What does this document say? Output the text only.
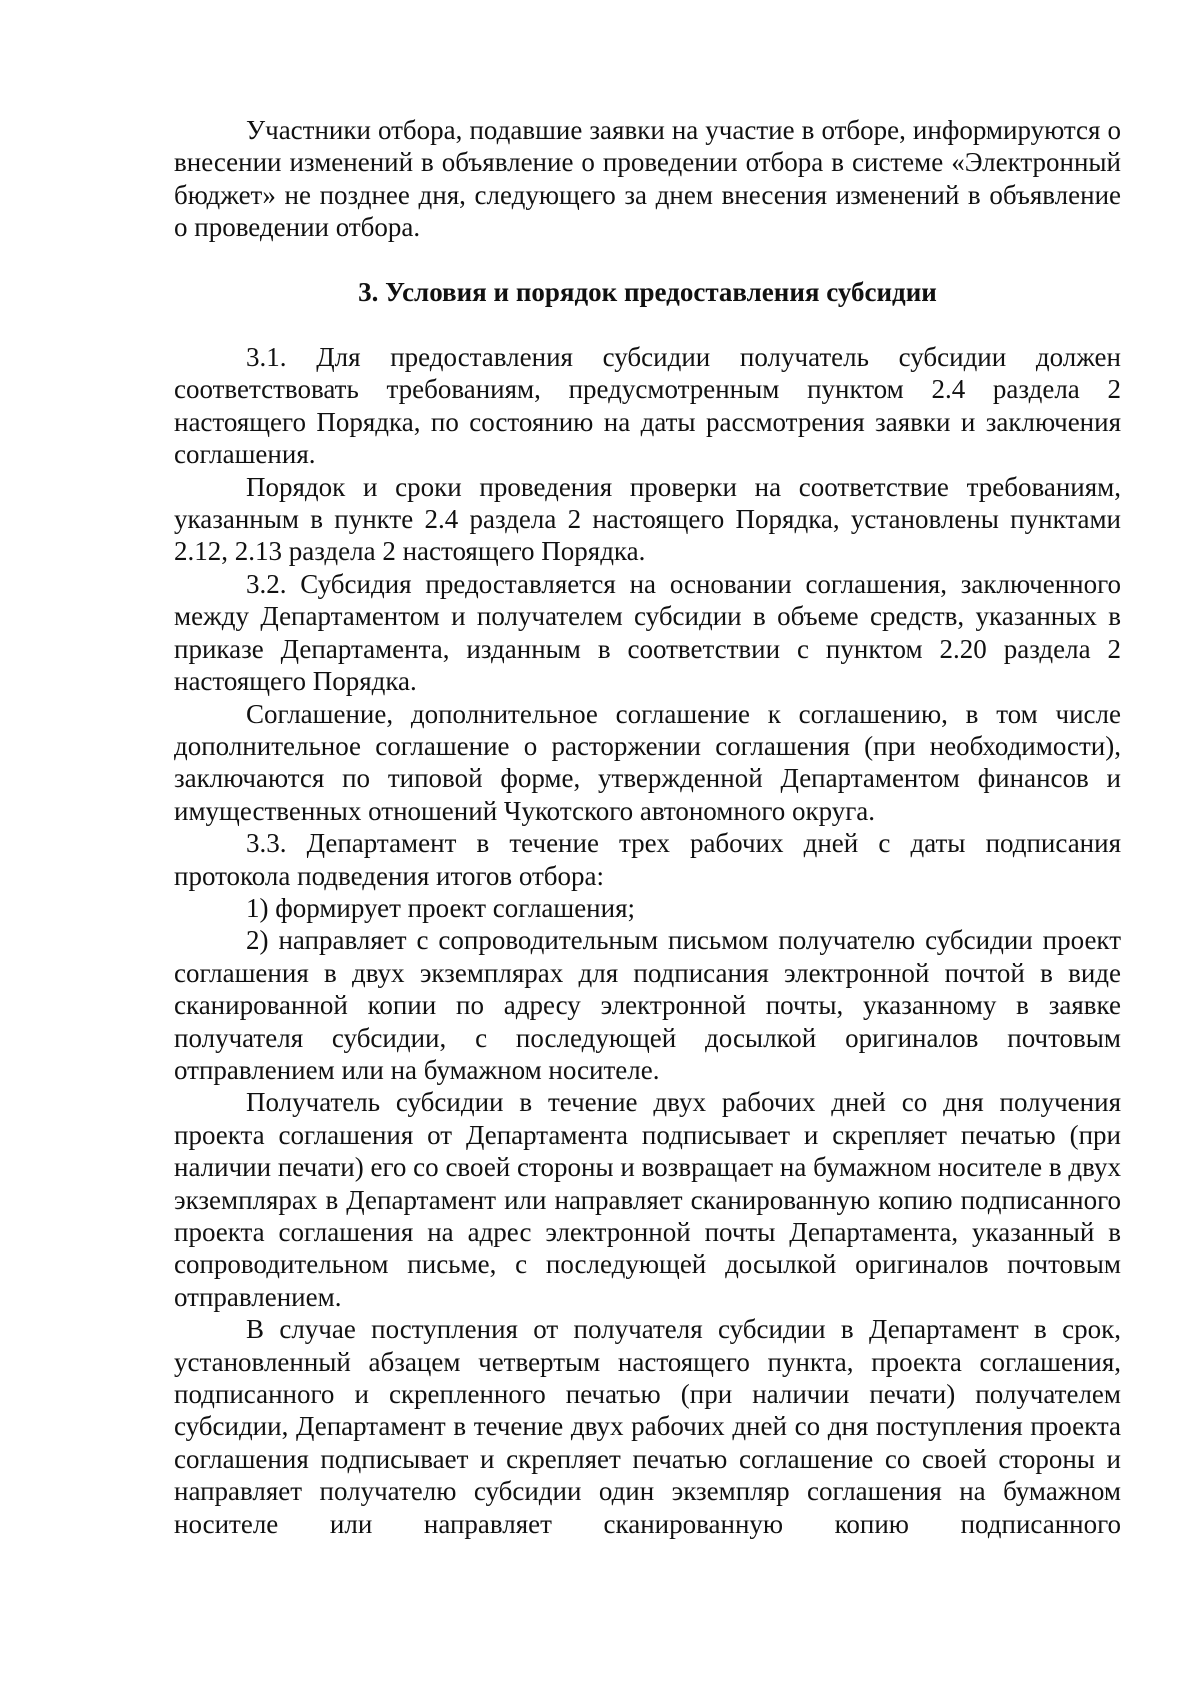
Участники отбора, подавшие заявки на участие в отборе, информируются о внесении изменений в объявление о проведении отбора в системе «Электронный бюджет» не позднее дня, следующего за днем внесения изменений в объявление о проведении отбора.

3. Условия и порядок предоставления субсидии

3.1. Для предоставления субсидии получатель субсидии должен соответствовать требованиям, предусмотренным пунктом 2.4 раздела 2 настоящего Порядка, по состоянию на даты рассмотрения заявки и заключения соглашения.

Порядок и сроки проведения проверки на соответствие требованиям, указанным в пункте 2.4 раздела 2 настоящего Порядка, установлены пунктами 2.12, 2.13 раздела 2 настоящего Порядка.

3.2. Субсидия предоставляется на основании соглашения, заключенного между Департаментом и получателем субсидии в объеме средств, указанных в приказе Департамента, изданным в соответствии с пунктом 2.20 раздела 2 настоящего Порядка.

Соглашение, дополнительное соглашение к соглашению, в том числе дополнительное соглашение о расторжении соглашения (при необходимости), заключаются по типовой форме, утвержденной Департаментом финансов и имущественных отношений Чукотского автономного округа.

3.3. Департамент в течение трех рабочих дней с даты подписания протокола подведения итогов отбора:

1) формирует проект соглашения;

2) направляет с сопроводительным письмом получателю субсидии проект соглашения в двух экземплярах для подписания электронной почтой в виде сканированной копии по адресу электронной почты, указанному в заявке получателя субсидии, с последующей досылкой оригиналов почтовым отправлением или на бумажном носителе.

Получатель субсидии в течение двух рабочих дней со дня получения проекта соглашения от Департамента подписывает и скрепляет печатью (при наличии печати) его со своей стороны и возвращает на бумажном носителе в двух экземплярах в Департамент или направляет сканированную копию подписанного проекта соглашения на адрес электронной почты Департамента, указанный в сопроводительном письме, с последующей досылкой оригиналов почтовым отправлением.

В случае поступления от получателя субсидии в Департамент в срок, установленный абзацем четвертым настоящего пункта, проекта соглашения, подписанного и скрепленного печатью (при наличии печати) получателем субсидии, Департамент в течение двух рабочих дней со дня поступления проекта соглашения подписывает и скрепляет печатью соглашение со своей стороны и направляет получателю субсидии один экземпляр соглашения на бумажном носителе или направляет сканированную копию подписанного
